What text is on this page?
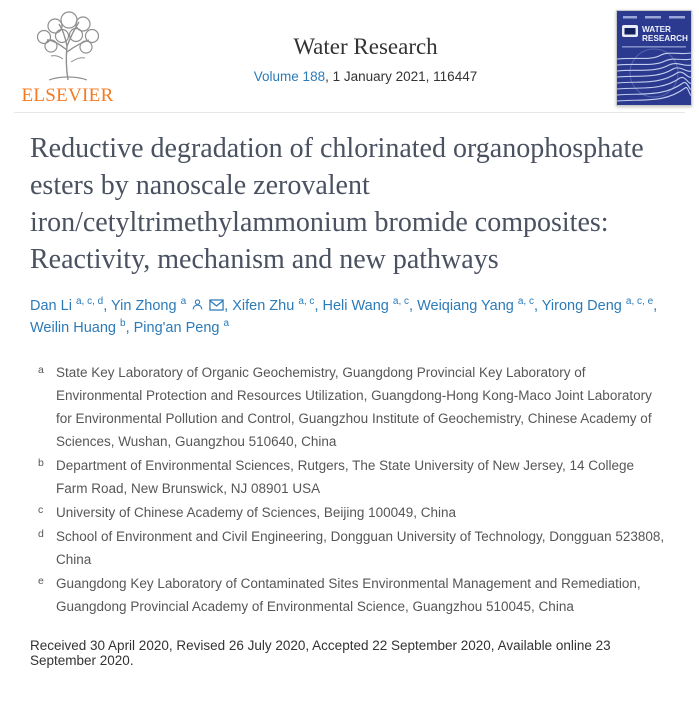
ELSEVIER
Water Research
Volume 188, 1 January 2021, 116447
WATER
RESEARCH
Reductive degradation of chlorinated organophosphate esters by nanoscale zerovalent iron/cetyltrimethylammonium bromide composites: Reactivity, mechanism and new pathways
Dan Li $^{a, c, d}$, Yin Zhong $^a$	, Xifen Zhu $^{a, c}$, Heli Wang $^{a, c}$, Weiqiang Yang $^{a, c}$, Yirong Deng $^{a, c, e}$, Weilin Huang $^b$, Ping'an Peng $^a$
a State Key Laboratory of Organic Geochemistry, Guangdong Provincial Key Laboratory of Environmental Protection and Resources Utilization, Guangdong-Hong Kong-Maco Joint Laboratory for Environmental Pollution and Control, Guangzhou Institute of Geochemistry, Chinese Academy of Sciences, Wushan, Guangzhou 510640, China
b Department of Environmental Sciences, Rutgers, The State University of New Jersey, 14 College Farm Road, New Brunswick, NJ 08901 USA
c University of Chinese Academy of Sciences, Beijing 100049, China
d School of Environment and Civil Engineering, Dongguan University of Technology, Dongguan 523808, China
e Guangdong Key Laboratory of Contaminated Sites Environmental Management and Remediation, Guangdong Provincial Academy of Environmental Science, Guangzhou 510045, China
Received 30 April 2020, Revised 26 July 2020, Accepted 22 September 2020, Available online 23 September 2020.
